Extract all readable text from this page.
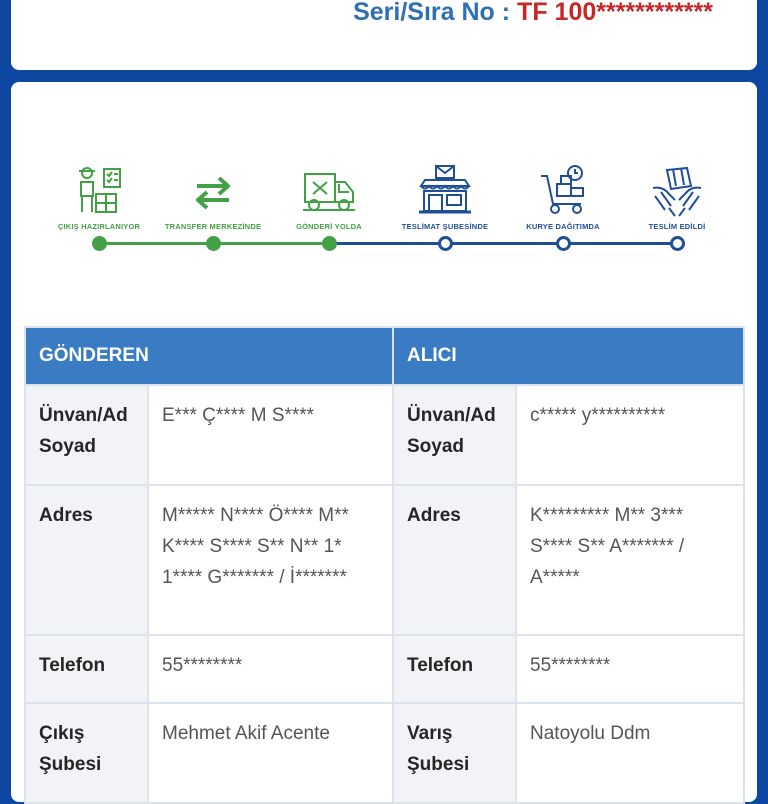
Seri/Sıra No : TF 100************
ÇIKIŞ HAZIRLANIYOR	TRANSFER MERKEZİNDE	GÖNDERİ YOLDA	TESLİMAT ŞUBESİNDE	KURYE DAĞITIMDA	TESLİM EDİLDİ
GÖNDEREN		ALICI	
Ünvan/Ad Soyad	E*** Ç**** M S****	Ünvan/Ad Soyad	c***** y**********
Adres	M***** N**** Ö**** M** K**** S**** S** N** 1* 1**** G******* / İ*******	Adres	K********* M** 3*** S**** S** A******* / A*****
Telefon	55********	Telefon	55********
Çıkış Şubesi	Mehmet Akif Acente	Varış Şubesi	Natoyolu Ddm
